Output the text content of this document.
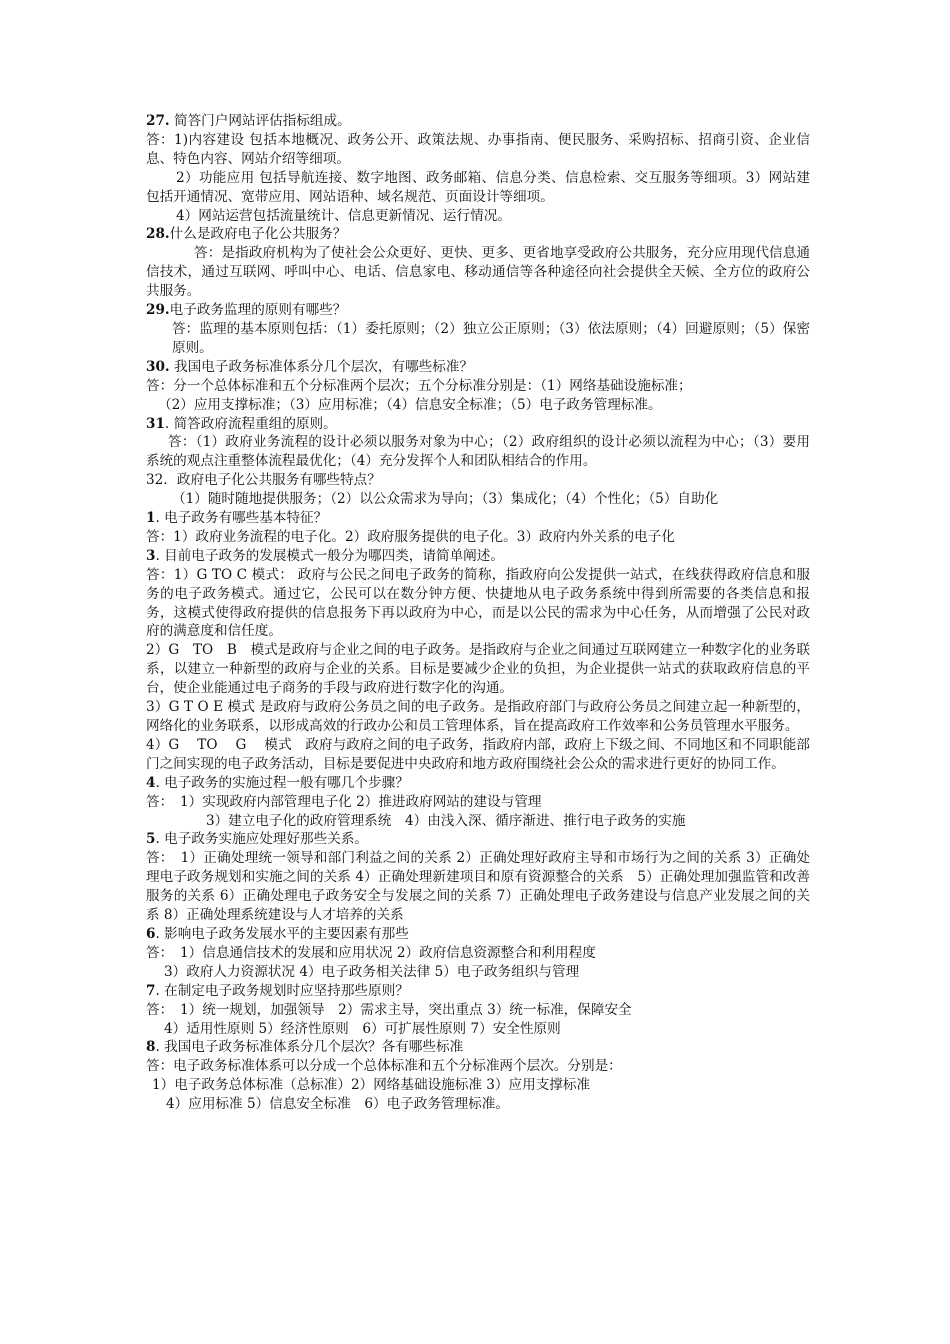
27. 简答门户网站评估指标组成。
答：1)内容建设 包括本地概况、政务公开、政策法规、办事指南、便民服务、采购招标、招商引资、企业信息、特色内容、网站介绍等细项。
2）功能应用 包括导航连接、数字地图、政务邮箱、信息分类、信息检索、交互服务等细项。3）网站建 包括开通情况、宽带应用、网站语种、域名规范、页面设计等细项。
4）网站运营包括流量统计、信息更新情况、运行情况。
28.什么是政府电子化公共服务？
答：是指政府机构为了使社会公众更好、更快、更多、更省地享受政府公共服务，充分应用现代信息通信技术，通过互联网、呼叫中心、电话、信息家电、移动通信等各种途径向社会提供全天候、全方位的政府公共服务。
29.电子政务监理的原则有哪些？
答：监理的基本原则包括：（1）委托原则；（2）独立公正原则；（3）依法原则；（4）回避原则；（5）保密原则。
30. 我国电子政务标准体系分几个层次，有哪些标准？
答：分一个总体标准和五个分标准两个层次；五个分标准分别是：（1）网络基础设施标准；
（2）应用支撑标准；（3）应用标准；（4）信息安全标准；（5）电子政务管理标准。
31. 简答政府流程重组的原则。
答：（1）政府业务流程的设计必须以服务对象为中心；（2）政府组织的设计必须以流程为中心；（3）要用系统的观点注重整体流程最优化；（4）充分发挥个人和团队相结合的作用。
32．政府电子化公共服务有哪些特点？
（1）随时随地提供服务；（2）以公众需求为导向；（3）集成化；（4）个性化；（5）自助化
1. 电子政务有哪些基本特征？
答：1）政府业务流程的电子化。2）政府服务提供的电子化。3）政府内外关系的电子化
3. 目前电子政务的发展模式一般分为哪四类，请简单阐述。
答：1）G TO C 模式： 政府与公民之间电子政务的简称，指政府向公发提供一站式，在线获得政府信息和服务的电子政务模式。通过它，公民可以在数分钟方便、快捷地从电子政务系统中得到所需要的各类信息和报务，这模式使得政府提供的信息报务下再以政府为中心，而是以公民的需求为中心任务，从而增强了公民对政府的满意度和信任度。
2）G　TO　B　模式是政府与企业之间的电子政务。是指政府与企业之间通过互联网建立一种数字化的业务联系，以建立一种新型的政府与企业的关系。目标是要减少企业的负担，为企业提供一站式的获取政府信息的平台，使企业能通过电子商务的手段与政府进行数字化的沟通。
3）G T O E 模式 是政府与政府公务员之间的电子政务。是指政府部门与政府公务员之间建立起一种新型的，网络化的业务联系，以形成高效的行政办公和员工管理体系，旨在提高政府工作效率和公务员管理水平服务。
4）G　 TO　 G　 模式　政府与政府之间的电子政务，指政府内部，政府上下级之间、不同地区和不同职能部门之间实现的电子政务活动，目标是要促进中央政府和地方政府围绕社会公众的需求进行更好的协同工作。
4. 电子政务的实施过程一般有哪几个步骤？
答：　1）实现政府内部管理电子化 2）推进政府网站的建设与管理
3）建立电子化的政府管理系统　4）由浅入深、循序渐进、推行电子政务的实施
5. 电子政务实施应处理好那些关系。
答：　1）正确处理统一领导和部门利益之间的关系 2）正确处理好政府主导和市场行为之间的关系 3）正确处理电子政务规划和实施之间的关系 4）正确处理新建项目和原有资源整合的关系　5）正确处理加强监管和改善服务的关系 6）正确处理电子政务安全与发展之间的关系 7）正确处理电子政务建设与信息产业发展之间的关系 8）正确处理系统建设与人才培养的关系
6. 影响电子政务发展水平的主要因素有那些
答：　1）信息通信技术的发展和应用状况 2）政府信息资源整合和利用程度
3）政府人力资源状况 4）电子政务相关法律 5）电子政务组织与管理
7. 在制定电子政务规划时应坚持那些原则？
答：　1）统一规划，加强领导　2）需求主导，突出重点 3）统一标准，保障安全
4）适用性原则 5）经济性原则　6）可扩展性原则 7）安全性原则
8. 我国电子政务标准体系分几个层次？各有哪些标准
答：电子政务标准体系可以分成一个总体标准和五个分标准两个层次。分别是：
1）电子政务总体标准（总标准）2）网络基础设施标准 3）应用支撑标准
4）应用标准 5）信息安全标准　6）电子政务管理标准。
